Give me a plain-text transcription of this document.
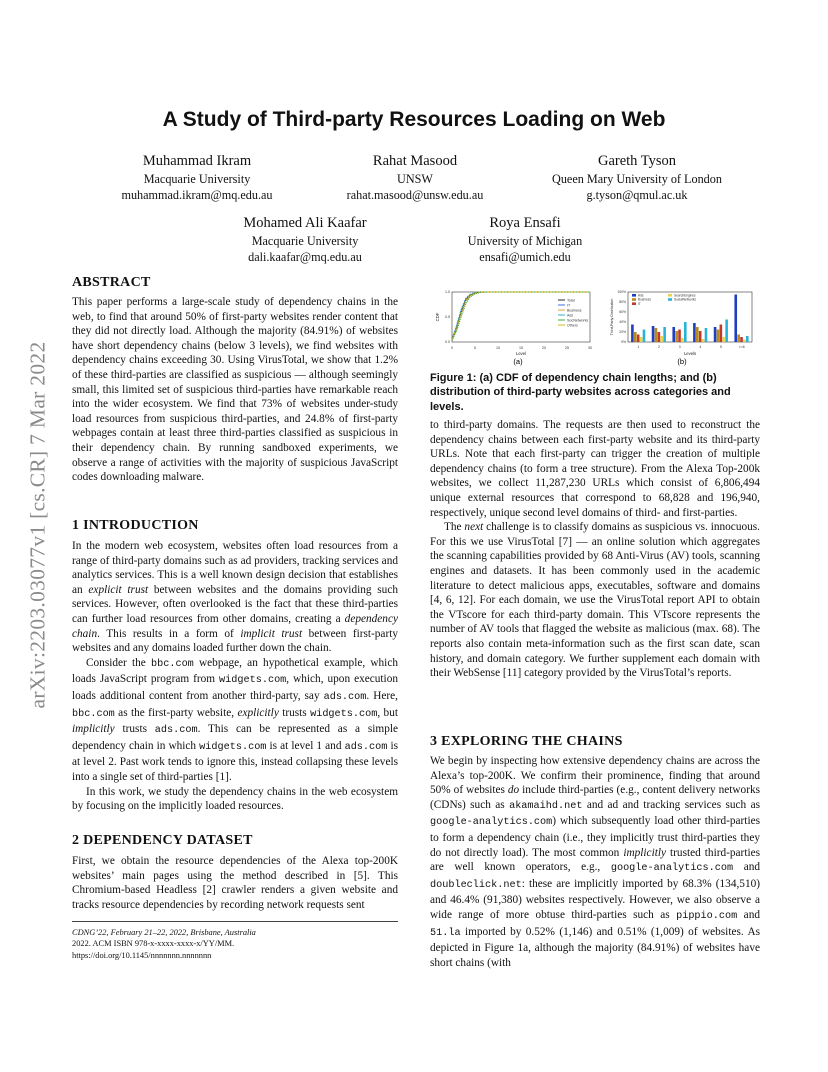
arXiv:2203.03077v1 [cs.CR] 7 Mar 2022
A Study of Third-party Resources Loading on Web
Muhammad Ikram
Macquarie University
muhammad.ikram@mq.edu.au
Rahat Masood
UNSW
rahat.masood@unsw.edu.au
Gareth Tyson
Queen Mary University of London
g.tyson@qmul.ac.uk
Mohamed Ali Kaafar
Macquarie University
dali.kaafar@mq.edu.au
Roya Ensafi
University of Michigan
ensafi@umich.edu
ABSTRACT

This paper performs a large-scale study of dependency chains in the web, to find that around 50% of first-party websites render content that they did not directly load. Although the majority (84.91%) of websites have short dependency chains (below 3 levels), we find websites with dependency chains exceeding 30. Using VirusTotal, we show that 1.2% of these third-parties are classified as suspicious — although seemingly small, this limited set of suspicious third-parties have remarkable reach into the wider ecosystem. We find that 73% of websites under-study load resources from suspicious third-parties, and 24.8% of first-party webpages contain at least three third-parties classified as suspicious in their dependency chain. By running sandboxed experiments, we observe a range of activities with the majority of suspicious JavaScript codes downloading malware.

1 INTRODUCTION

In the modern web ecosystem, websites often load resources from a range of third-party domains such as ad providers, tracking services and analytics services. This is a well known design decision that establishes an explicit trust between websites and the domains providing such services. However, often overlooked is the fact that these third-parties can further load resources from other domains, creating a dependency chain. This results in a form of implicit trust between first-party websites and any domains loaded further down the chain.

Consider the bbc.com webpage, an hypothetical example, which loads JavaScript program from widgets.com, which, upon execution loads additional content from another third-party, say ads.com. Here, bbc.com as the first-party website, explicitly trusts widgets.com, but implicitly trusts ads.com. This can be represented as a simple dependency chain in which widgets.com is at level 1 and ads.com is at level 2. Past work tends to ignore this, instead collapsing these levels into a single set of third-parties [1].

In this work, we study the dependency chains in the web ecosystem by focusing on the implicitly loaded resources.

2 DEPENDENCY DATASET

First, we obtain the resource dependencies of the Alexa top-200K websites’ main pages using the method described in [5]. This Chromium-based Headless [2] crawler renders a given website and tracks resource dependencies by recording network requests sent

CDNG’22, February 21–22, 2022, Brisbane, Australia
2022. ACM ISBN 978-x-xxxx-xxxx-x/YY/MM.
https://doi.org/10.1145/nnnnnnn.nnnnnnn
0	5	10	15	20	25	30
0.0
0.5
1.0
Level
CDF
Total
IT
Business
Ads
SocNetworks
Others
0%
20%
40%
60%
80%
100%
Third-Party Distribution
Levels
1	2	3	4	5	>=6
Ads
Business
IT
SearchEngines
SocialNetworks
(a)	(b)
Figure 1: (a) CDF of dependency chain lengths; and (b) distribution of third-party websites across categories and levels.

to third-party domains. The requests are then used to reconstruct the dependency chains between each first-party website and its third-party URLs. Note that each first-party can trigger the creation of multiple dependency chains (to form a tree structure). From the Alexa Top-200k websites, we collect 11,287,230 URLs which consist of 6,806,494 unique external resources that correspond to 68,828 and 196,940, respectively, unique second level domains of third- and first-parties.

The next challenge is to classify domains as suspicious vs. innocuous. For this we use VirusTotal [7] — an online solution which aggregates the scanning capabilities provided by 68 Anti-Virus (AV) tools, scanning engines and datasets. It has been commonly used in the academic literature to detect malicious apps, executables, software and domains [4, 6, 12]. For each domain, we use the VirusTotal report API to obtain the VTscore for each third-party domain. This VTscore represents the number of AV tools that flagged the website as malicious (max. 68). The reports also contain meta-information such as the first scan date, scan history, and domain category. We further supplement each domain with their WebSense [11] category provided by the VirusTotal’s reports.

3 EXPLORING THE CHAINS

We begin by inspecting how extensive dependency chains are across the Alexa’s top-200K. We confirm their prominence, finding that around 50% of websites do include third-parties (e.g., content delivery networks (CDNs) such as akamaihd.net and ad and tracking services such as google-analytics.com) which subsequently load other third-parties to form a dependency chain (i.e., they implicitly trust third-parties they do not directly load). The most common implicitly trusted third-parties are well known operators, e.g., google-analytics.com and doubleclick.net: these are implicitly imported by 68.3% (134,510) and 46.4% (91,380) websites respectively. However, we also observe a wide range of more obtuse third-parties such as pippio.com and 51.la imported by 0.52% (1,146) and 0.51% (1,009) of websites. As depicted in Figure 1a, although the majority (84.91%) of websites have short chains (with
